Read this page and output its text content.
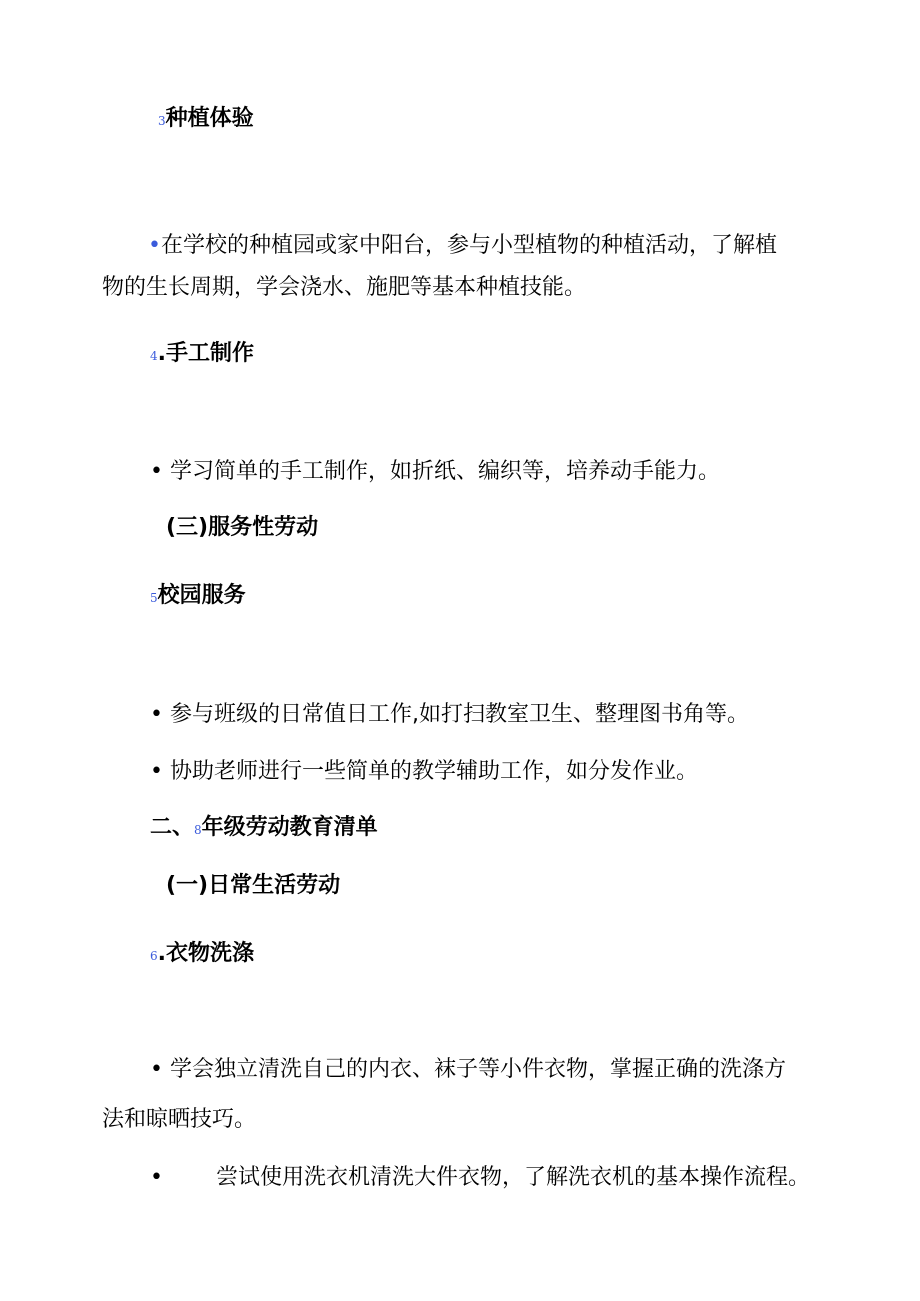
3种植体验
•在学校的种植园或家中阳台，参与小型植物的种植活动，了解植
物的生长周期，学会浇水、施肥等基本种植技能。
4.手工制作
• 学习简单的手工制作，如折纸、编织等，培养动手能力。
(三)服务性劳动
5校园服务
• 参与班级的日常值日工作,如打扫教室卫生、整理图书角等。
• 协助老师进行一些简单的教学辅助工作，如分发作业。
二、8年级劳动教育清单
(一)日常生活劳动
6.衣物洗涤
• 学会独立清洗自己的内衣、袜子等小件衣物，掌握正确的洗涤方
法和晾晒技巧。
• 尝试使用洗衣机清洗大件衣物，了解洗衣机的基本操作流程。
